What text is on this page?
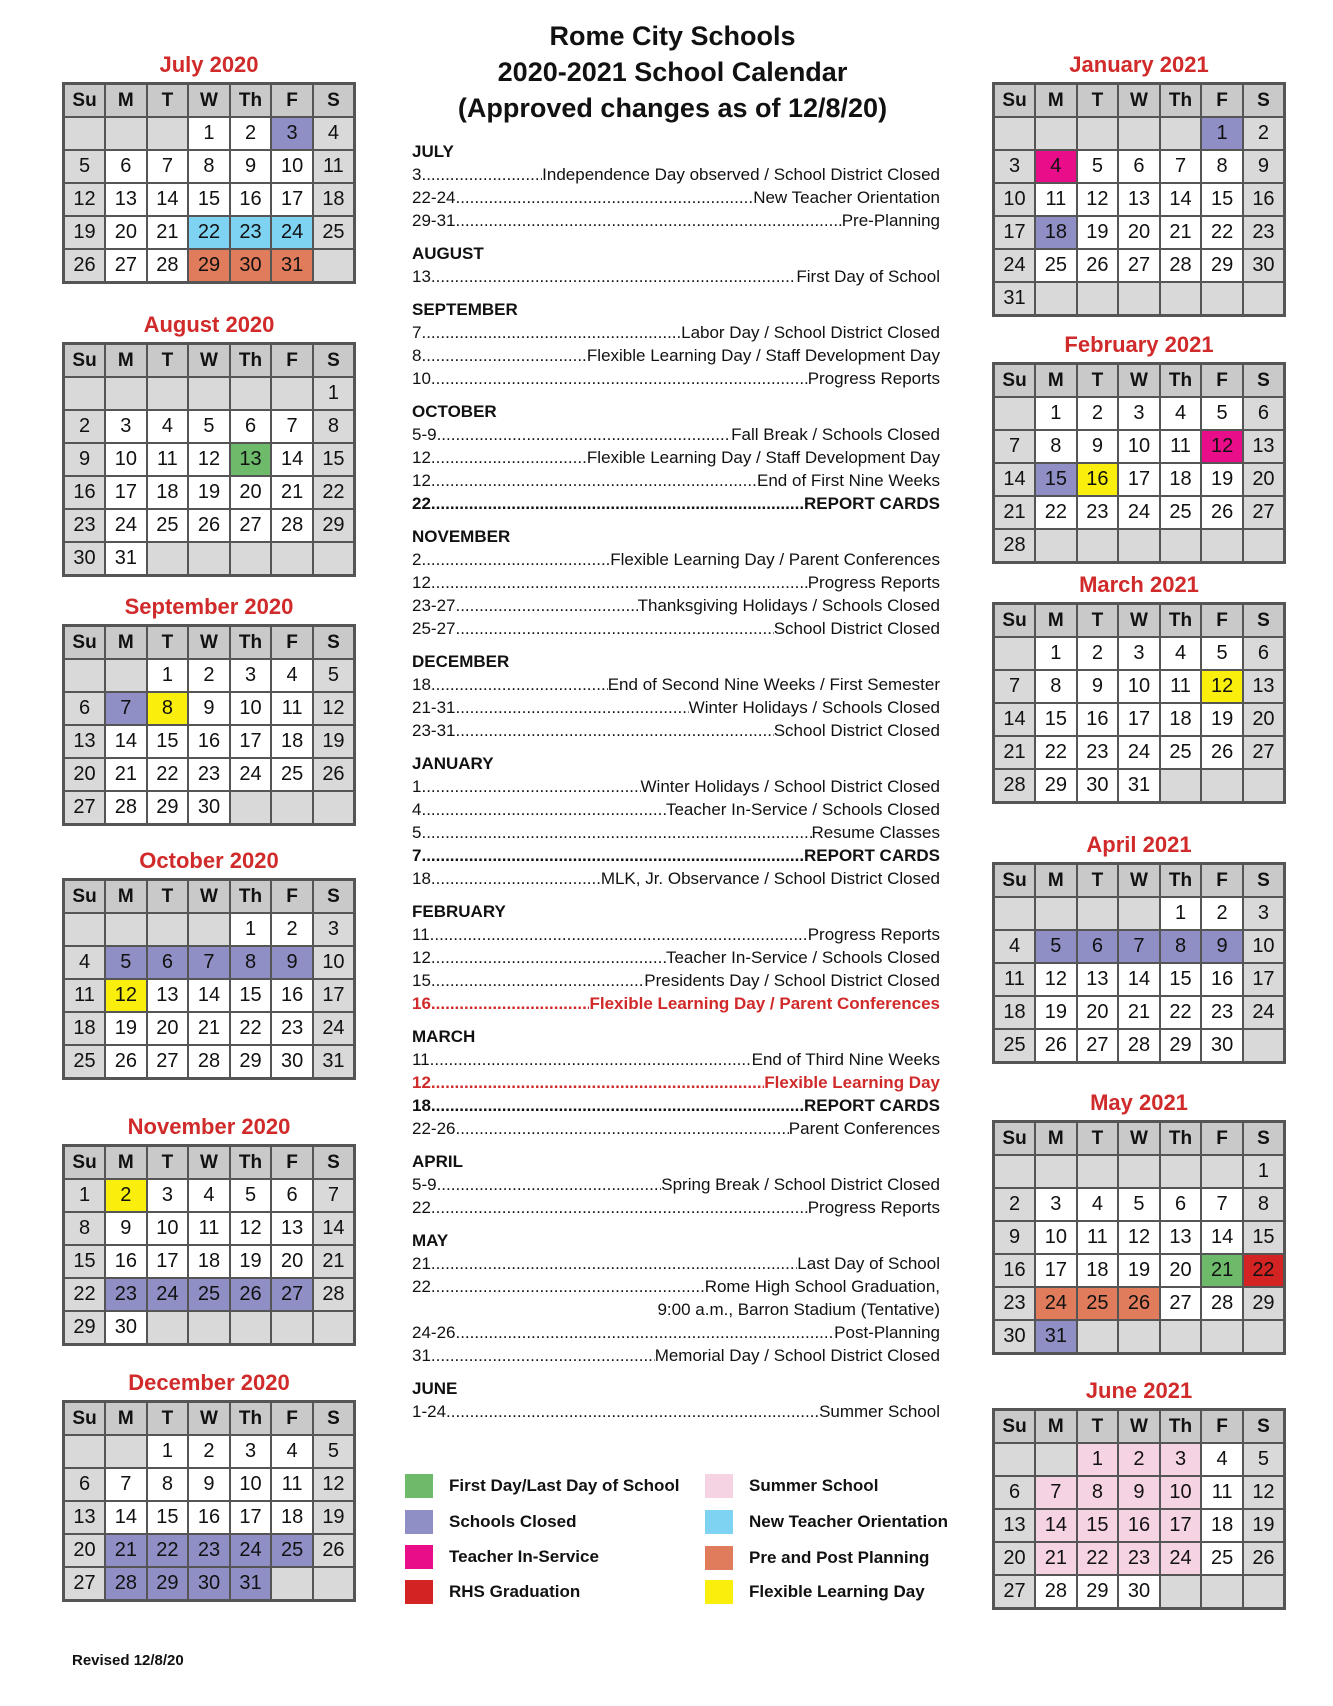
July 2020
Su	M	T	W	Th	F	S
			1	2	3	4
5	6	7	8	9	10	11
12	13	14	15	16	17	18
19	20	21	22	23	24	25
26	27	28	29	30	31	
August 2020
Su	M	T	W	Th	F	S
						1
2	3	4	5	6	7	8
9	10	11	12	13	14	15
16	17	18	19	20	21	22
23	24	25	26	27	28	29
30	31					
September 2020
Su	M	T	W	Th	F	S
		1	2	3	4	5
6	7	8	9	10	11	12
13	14	15	16	17	18	19
20	21	22	23	24	25	26
27	28	29	30			
October 2020
Su	M	T	W	Th	F	S
				1	2	3
4	5	6	7	8	9	10
11	12	13	14	15	16	17
18	19	20	21	22	23	24
25	26	27	28	29	30	31
November 2020
Su	M	T	W	Th	F	S
1	2	3	4	5	6	7
8	9	10	11	12	13	14
15	16	17	18	19	20	21
22	23	24	25	26	27	28
29	30					
December 2020
Su	M	T	W	Th	F	S
		1	2	3	4	5
6	7	8	9	10	11	12
13	14	15	16	17	18	19
20	21	22	23	24	25	26
27	28	29	30	31		
January 2021
Su	M	T	W	Th	F	S
					1	2
3	4	5	6	7	8	9
10	11	12	13	14	15	16
17	18	19	20	21	22	23
24	25	26	27	28	29	30
31						
February 2021
Su	M	T	W	Th	F	S
	1	2	3	4	5	6
7	8	9	10	11	12	13
14	15	16	17	18	19	20
21	22	23	24	25	26	27
28						
March 2021
Su	M	T	W	Th	F	S
	1	2	3	4	5	6
7	8	9	10	11	12	13
14	15	16	17	18	19	20
21	22	23	24	25	26	27
28	29	30	31			
April 2021
Su	M	T	W	Th	F	S
				1	2	3
4	5	6	7	8	9	10
11	12	13	14	15	16	17
18	19	20	21	22	23	24
25	26	27	28	29	30	
May 2021
Su	M	T	W	Th	F	S
						1
2	3	4	5	6	7	8
9	10	11	12	13	14	15
16	17	18	19	20	21	22
23	24	25	26	27	28	29
30	31					
June 2021
Su	M	T	W	Th	F	S
		1	2	3	4	5
6	7	8	9	10	11	12
13	14	15	16	17	18	19
20	21	22	23	24	25	26
27	28	29	30			
Rome City Schools
2020-2021 School Calendar
(Approved changes as of 12/8/20)
JULY
3 .....	Independence Day observed / School District Closed
22-24 .....	New Teacher Orientation
29-31 .....	Pre-Planning
AUGUST
13 .....	First Day of School
SEPTEMBER
7 .....	Labor Day / School District Closed
8 .....	Flexible Learning Day / Staff Development Day
10 .....	Progress Reports
OCTOBER
5-9 .....	Fall Break / Schools Closed
12 .....	Flexible Learning Day / Staff Development Day
12 .....	End of First Nine Weeks
22 .....	REPORT CARDS
NOVEMBER
2 .....	Flexible Learning Day / Parent Conferences
12 .....	Progress Reports
23-27 .....	Thanksgiving Holidays / Schools Closed
25-27 .....	School District Closed
DECEMBER
18 .....	End of Second Nine Weeks / First Semester
21-31 .....	Winter Holidays / Schools Closed
23-31 .....	School District Closed
JANUARY
1 .....	Winter Holidays / School District Closed
4 .....	Teacher In-Service / Schools Closed
5 .....	Resume Classes
7 .....	REPORT CARDS
18 .....	MLK, Jr. Observance / School District Closed
FEBRUARY
11 .....	Progress Reports
12 .....	Teacher In-Service / Schools Closed
15 .....	Presidents Day / School District Closed
16 .....	Flexible Learning Day / Parent Conferences
MARCH
11 .....	End of Third Nine Weeks
12 .....	Flexible Learning Day
18 .....	REPORT CARDS
22-26 .....	Parent Conferences
APRIL
5-9 .....	Spring Break / School District Closed
22 .....	Progress Reports
MAY
21 .....	Last Day of School
22 .....	Rome High School Graduation,
9:00 a.m., Barron Stadium (Tentative)
24-26 .....	Post-Planning
31 .....	Memorial Day / School District Closed
JUNE
1-24 .....	Summer School
First Day/Last Day of School
Schools Closed
Teacher In-Service
RHS Graduation
Summer School
New Teacher Orientation
Pre and Post Planning
Flexible Learning Day
Revised 12/8/20
